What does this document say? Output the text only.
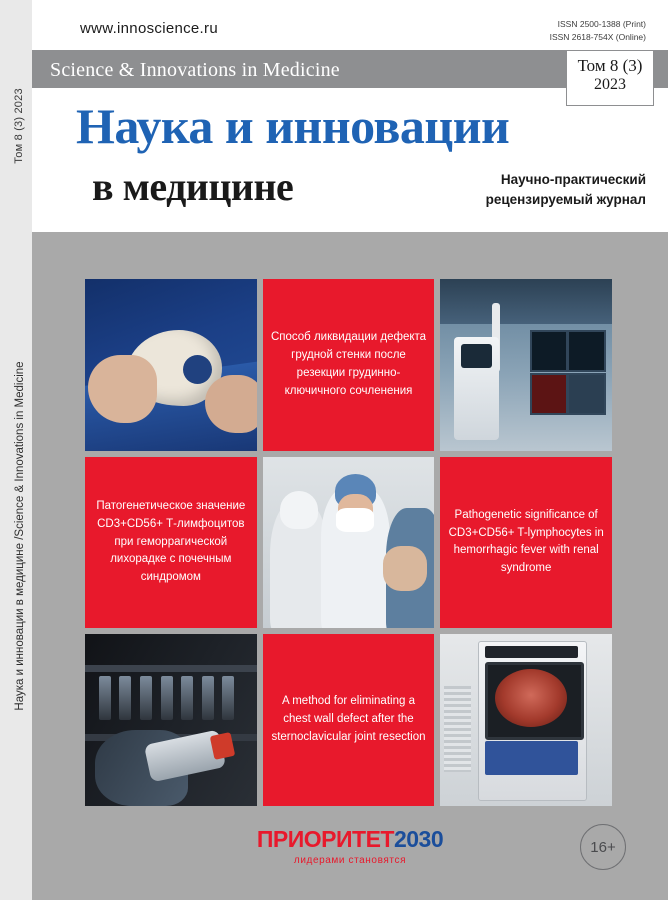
Том 8 (3) 2023
Наука и инновации в медицине /Science & Innovations in Medicine
www.innoscience.ru	ISSN 2500-1388 (Print)
ISSN 2618-754X (Online)
Science & Innovations in Medicine	Том 8 (3)
2023
Наука и инновации
в медицине	Научно-практический
рецензируемый журнал

Способ ликвидации дефекта грудной стенки после резекции грудинно-ключичного сочленения

Патогенетическое значение CD3+CD56+ Т-лимфоцитов при геморрагической лихорадке с почечным синдромом

Pathogenetic significance of CD3+CD56+ T-lymphocytes in hemorrhagic fever with renal syndrome

A method for eliminating a chest wall defect after the sternoclavicular joint resection

ПРИОРИТЕТ2030
лидерами становятся
16+
